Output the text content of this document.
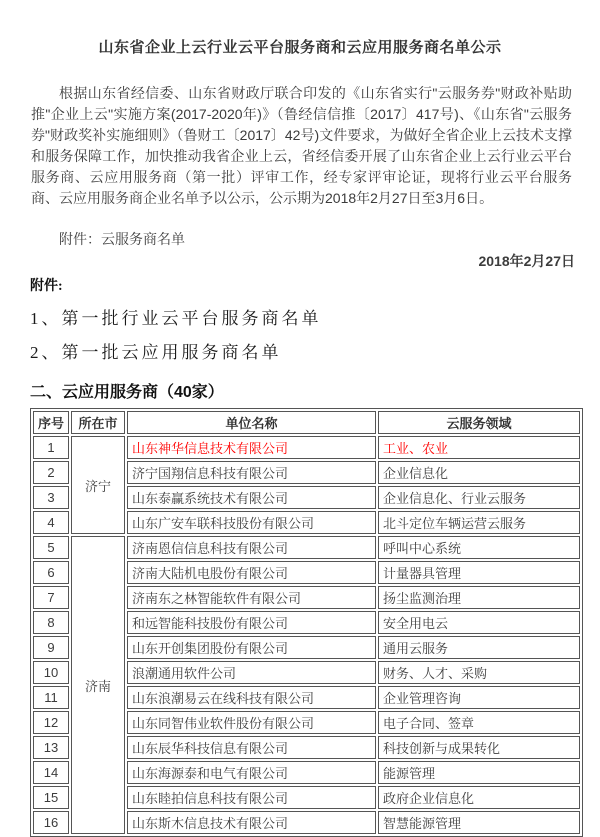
山东省企业上云行业云平台服务商和云应用服务商名单公示

根据山东省经信委、山东省财政厅联合印发的《山东省实行"云服务券"财政补贴助推"企业上云"实施方案(2017-2020年)》（鲁经信信推〔2017〕417号)、《山东省"云服务券"财政奖补实施细则》（鲁财工〔2017〕42号)文件要求，为做好全省企业上云技术支撑和服务保障工作，加快推动我省企业上云，省经信委开展了山东省企业上云行业云平台服务商、云应用服务商（第一批）评审工作，经专家评审论证，现将行业云平台服务商、云应用服务商企业名单予以公示，公示期为2018年2月27日至3月6日。

附件：云服务商名单

2018年2月27日

附件:

1、第一批行业云平台服务商名单

2、第一批云应用服务商名单

二、云应用服务商（40家）
序号	所在市	单位名称	云服务领域
1	济宁	山东神华信息技术有限公司	工业、农业
2		济宁国翔信息科技有限公司	企业信息化
3		山东泰赢系统技术有限公司	企业信息化、行业云服务
4		山东广安车联科技股份有限公司	北斗定位车辆运营云服务
5	济南	济南恩信信息科技有限公司	呼叫中心系统
6		济南大陆机电股份有限公司	计量器具管理
7		济南东之林智能软件有限公司	扬尘监测治理
8		和远智能科技股份有限公司	安全用电云
9		山东开创集团股份有限公司	通用云服务
10		浪潮通用软件公司	财务、人才、采购
11		山东浪潮易云在线科技有限公司	企业管理咨询
12		山东同智伟业软件股份有限公司	电子合同、签章
13		山东辰华科技信息有限公司	科技创新与成果转化
14		山东海源泰和电气有限公司	能源管理
15		山东睦拍信息科技有限公司	政府企业信息化
16		山东斯木信息技术有限公司	智慧能源管理
